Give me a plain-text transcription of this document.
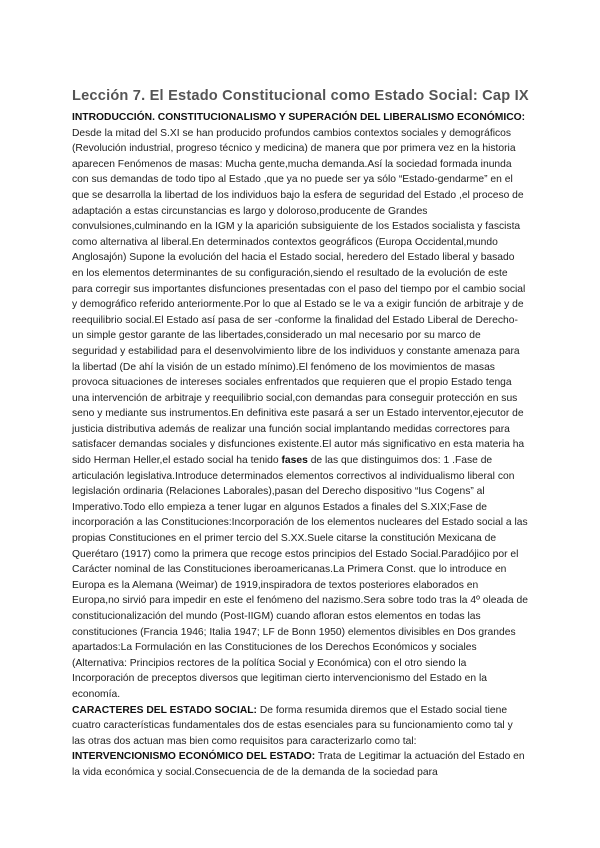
Lección 7. El Estado Constitucional como Estado Social: Cap IX

INTRODUCCIÓN. CONSTITUCIONALISMO Y SUPERACIÓN DEL LIBERALISMO ECONÓMICO: Desde la mitad del S.XI se han producido profundos cambios contextos sociales y demográficos (Revolución industrial, progreso técnico y medicina) de manera que por primera vez en la historia aparecen Fenómenos de masas: Mucha gente,mucha demanda.Así la sociedad formada inunda con sus demandas de todo tipo al Estado ,que ya no puede ser ya sólo “Estado-gendarme” en el que se desarrolla la libertad de los individuos bajo la esfera de seguridad del Estado ,el proceso de adaptación a estas circunstancias es largo y doloroso,producente de Grandes convulsiones,culminando en la IGM y la aparición subsiguiente de los Estados socialista y fascista como alternativa al liberal.En determinados contextos geográficos (Europa Occidental,mundo Anglosajón) Supone la evolución del hacia el Estado social, heredero del Estado liberal y basado en los elementos determinantes de su configuración,siendo el resultado de la evolución de este para corregir sus importantes disfunciones presentadas con el paso del tiempo por el cambio social y demográfico referido anteriormente.Por lo que al Estado se le va a exigir función de arbitraje y de reequilibrio social.El Estado así pasa de ser -conforme la finalidad del Estado Liberal de Derecho- un simple gestor garante de las libertades,considerado un mal necesario por su marco de seguridad y estabilidad para el desenvolvimiento libre de los individuos y constante amenaza para la libertad (De ahí la visión de un estado mínimo).El fenómeno de los movimientos de masas provoca situaciones de intereses sociales enfrentados que requieren que el propio Estado tenga una intervención de arbitraje y reequilibrio social,con demandas para conseguir protección en sus seno y mediante sus instrumentos.En definitiva este pasará a ser un Estado interventor,ejecutor de justicia distributiva además de realizar una función social implantando medidas correctores para satisfacer demandas sociales y disfunciones existente.El autor más significativo en esta materia ha sido Herman Heller,el estado social ha tenido fases de las que distinguimos dos: 1 .Fase de articulación legislativa.Introduce determinados elementos correctivos al individualismo liberal con legislación ordinaria (Relaciones Laborales),pasan del Derecho dispositivo “Ius Cogens” al Imperativo.Todo ello empieza a tener lugar en algunos Estados a finales del S.XIX;Fase de incorporación a las Constituciones:Incorporación de los elementos nucleares del Estado social a las propias Constituciones en el primer tercio del S.XX.Suele citarse la constitución Mexicana de Querétaro (1917) como la primera que recoge estos principios del Estado Social.Paradójico por el Carácter nominal de las Constituciones iberoamericanas.La Primera Const. que lo introduce en Europa es la Alemana (Weimar) de 1919,inspiradora de textos posteriores elaborados en Europa,no sirvió para impedir en este el fenómeno del nazismo.Sera sobre todo tras la 4º oleada de constitucionalización del mundo (Post-IIGM) cuando afloran estos elementos en todas las constituciones (Francia 1946; Italia 1947; LF de Bonn 1950) elementos divisibles en Dos grandes apartados:La Formulación en las Constituciones de los Derechos Económicos y sociales (Alternativa: Principios rectores de la política Social y Económica) con el otro siendo la Incorporación de preceptos diversos que legitiman cierto intervencionismo del Estado en la economía.

CARACTERES DEL ESTADO SOCIAL: De forma resumida diremos que el Estado social tiene cuatro características fundamentales dos de estas esenciales para su funcionamiento como tal y las otras dos actuan mas bien como requisitos para caracterizarlo como tal:

INTERVENCIONISMO ECONÓMICO DEL ESTADO: Trata de Legitimar la actuación del Estado en la vida económica y social.Consecuencia de de la demanda de la sociedad para
